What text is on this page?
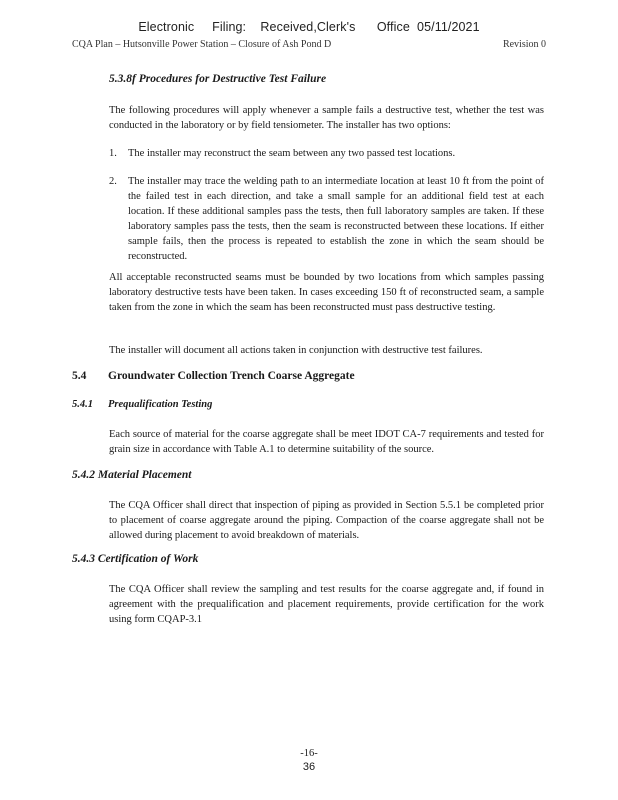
Electronic     Filing:    Received,Clerk's      Office  05/11/2021
CQA Plan – Hutsonville Power Station – Closure of Ash Pond D	Revision 0
5.3.8f Procedures for Destructive Test Failure

The following procedures will apply whenever a sample fails a destructive test, whether the test was conducted in the laboratory or by field tensiometer. The installer has two options:

1. The installer may reconstruct the seam between any two passed test locations.

2. The installer may trace the welding path to an intermediate location at least 10 ft from the point of the failed test in each direction, and take a small sample for an additional field test at each location. If these additional samples pass the tests, then full laboratory samples are taken. If these laboratory samples pass the tests, then the seam is reconstructed between these locations. If either sample fails, then the process is repeated to establish the zone in which the seam should be reconstructed.

All acceptable reconstructed seams must be bounded by two locations from which samples passing laboratory destructive tests have been taken. In cases exceeding 150 ft of reconstructed seam, a sample taken from the zone in which the seam has been reconstructed must pass destructive testing.

The installer will document all actions taken in conjunction with destructive test failures.

5.4 Groundwater Collection Trench Coarse Aggregate
5.4.1 Prequalification Testing

Each source of material for the coarse aggregate shall be meet IDOT CA-7 requirements and tested for grain size in accordance with Table A.1 to determine suitability of the source.

5.4.2 Material Placement

The CQA Officer shall direct that inspection of piping as provided in Section 5.5.1 be completed prior to placement of coarse aggregate around the piping. Compaction of the coarse aggregate shall not be allowed during placement to avoid breakdown of materials.

5.4.3 Certification of Work

The CQA Officer shall review the sampling and test results for the coarse aggregate and, if found in agreement with the prequalification and placement requirements, provide certification for the work using form CQAP-3.1

-16-
36
